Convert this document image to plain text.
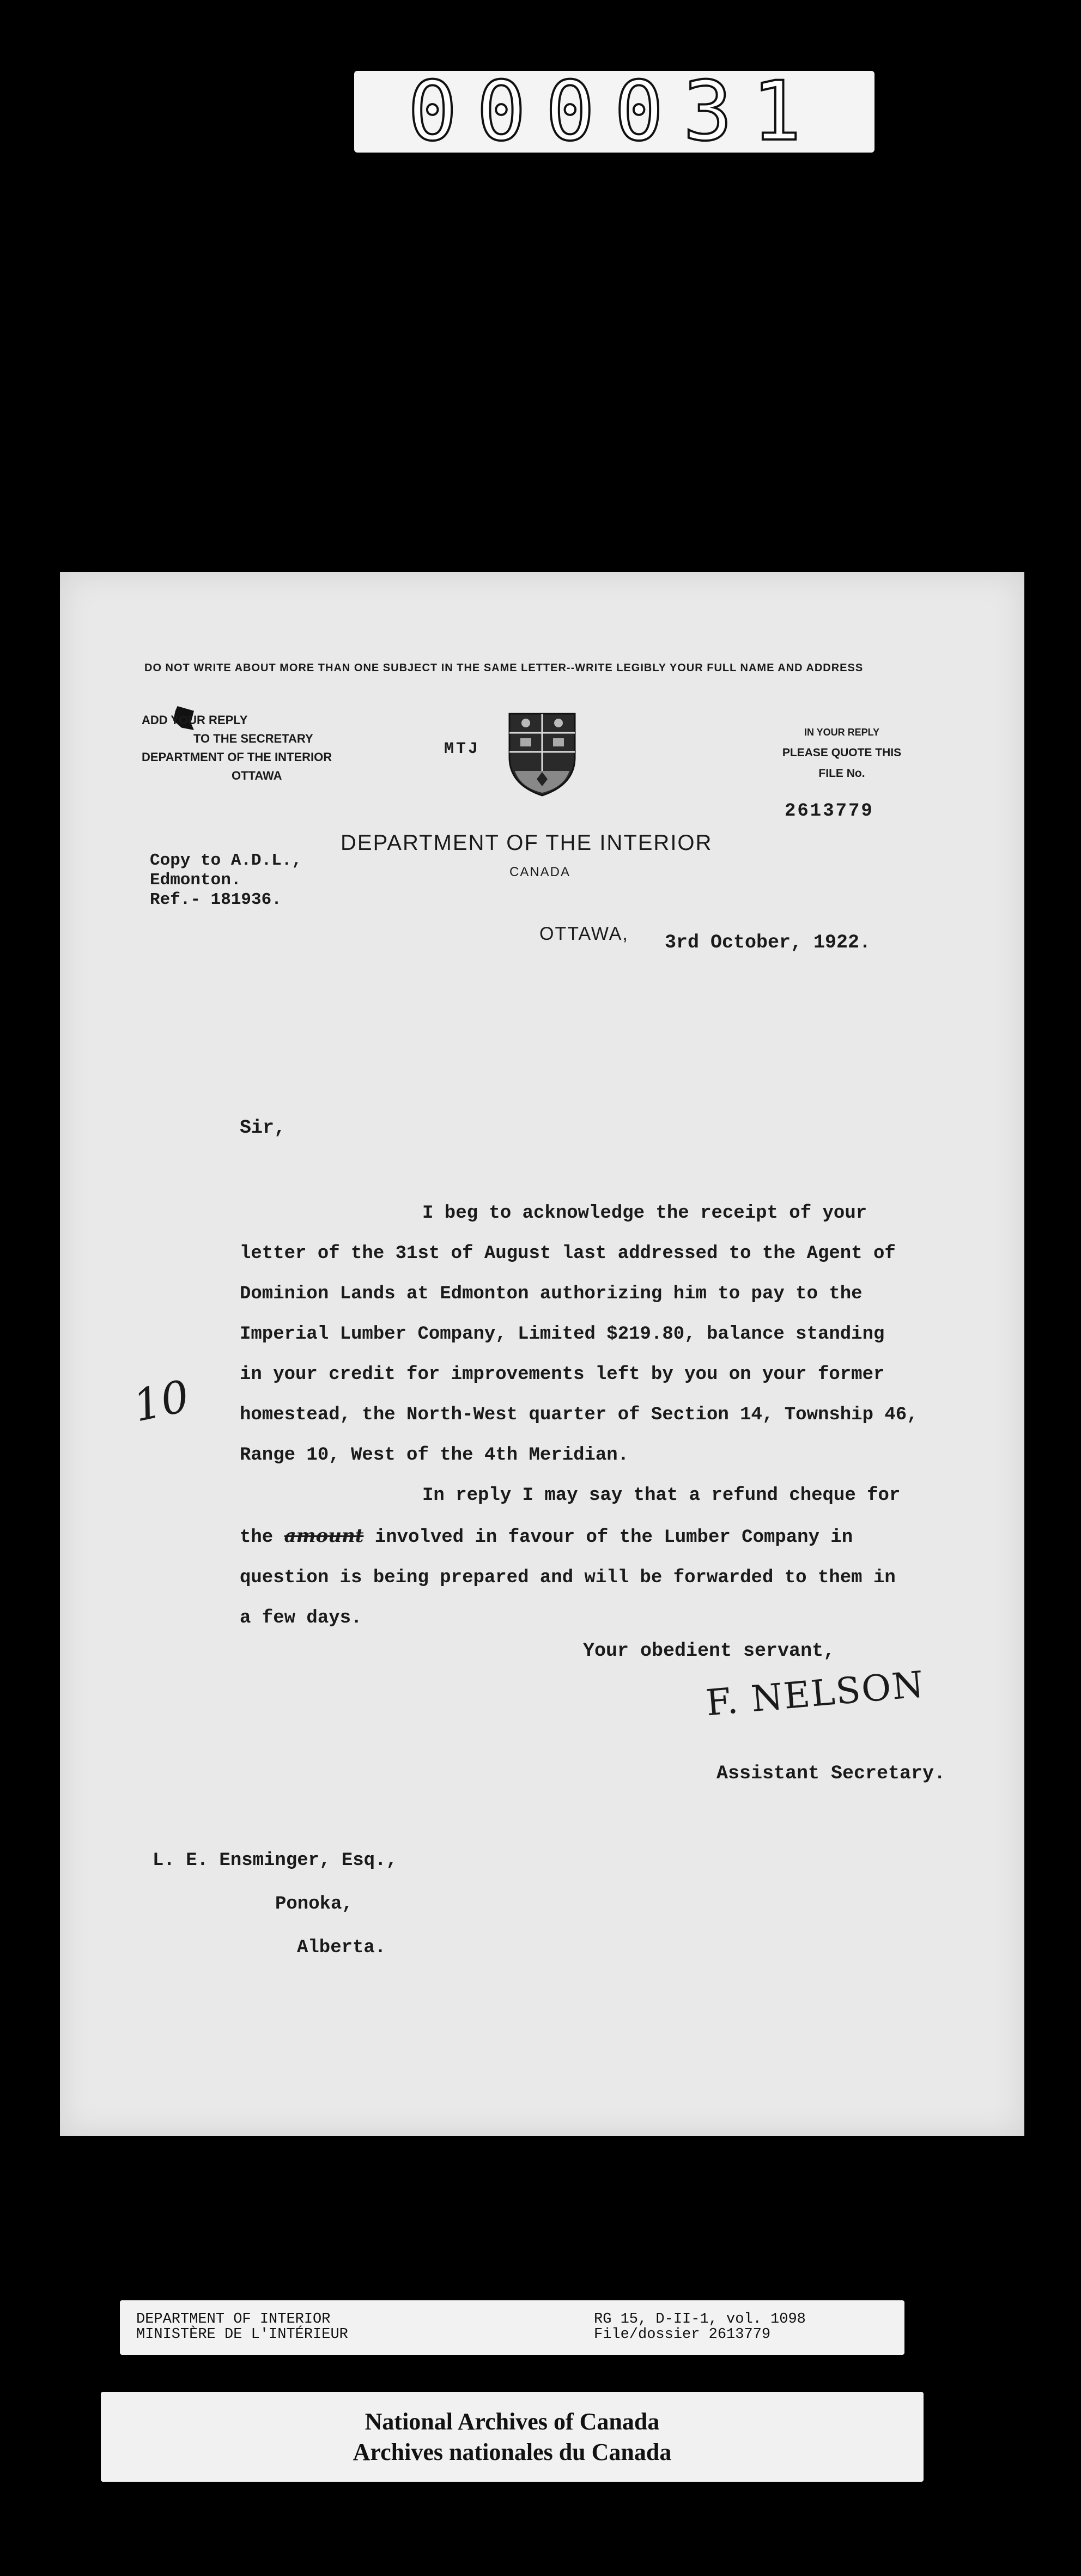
000031
DO NOT WRITE ABOUT MORE THAN ONE SUBJECT IN THE SAME LETTER--WRITE LEGIBLY YOUR FULL NAME AND ADDRESS
ADD YOUR REPLY
TO THE SECRETARY
DEPARTMENT OF THE INTERIOR
OTTAWA
MTJ
IN YOUR REPLY
PLEASE QUOTE THIS
FILE No.
2613779
DEPARTMENT OF THE INTERIOR
CANADA
Copy to A.D.L.,
Edmonton.
Ref.- 181936.
OTTAWA, 3rd October, 1922.
Sir,
I beg to acknowledge the receipt of your
letter of the 31st of August last addressed to the Agent of
Dominion Lands at Edmonton authorizing him to pay to the
Imperial Lumber Company, Limited $219.80, balance standing
in your credit for improvements left by you on your former
homestead, the North-West quarter of Section 14, Township 46,
Range 10, West of the 4th Meridian.
In reply I may say that a refund cheque for
the amount involved in favour of the Lumber Company in
question is being prepared and will be forwarded to them in
a few days.
10
Your obedient servant,
F. NELSON
Assistant Secretary.
L. E. Ensminger, Esq.,
Ponoka,
Alberta.
DEPARTMENT OF INTERIOR
MINISTÈRE DE L'INTÉRIEUR
RG 15, D-II-1, vol. 1098
File/dossier 2613779
National Archives of Canada
Archives nationales du Canada
